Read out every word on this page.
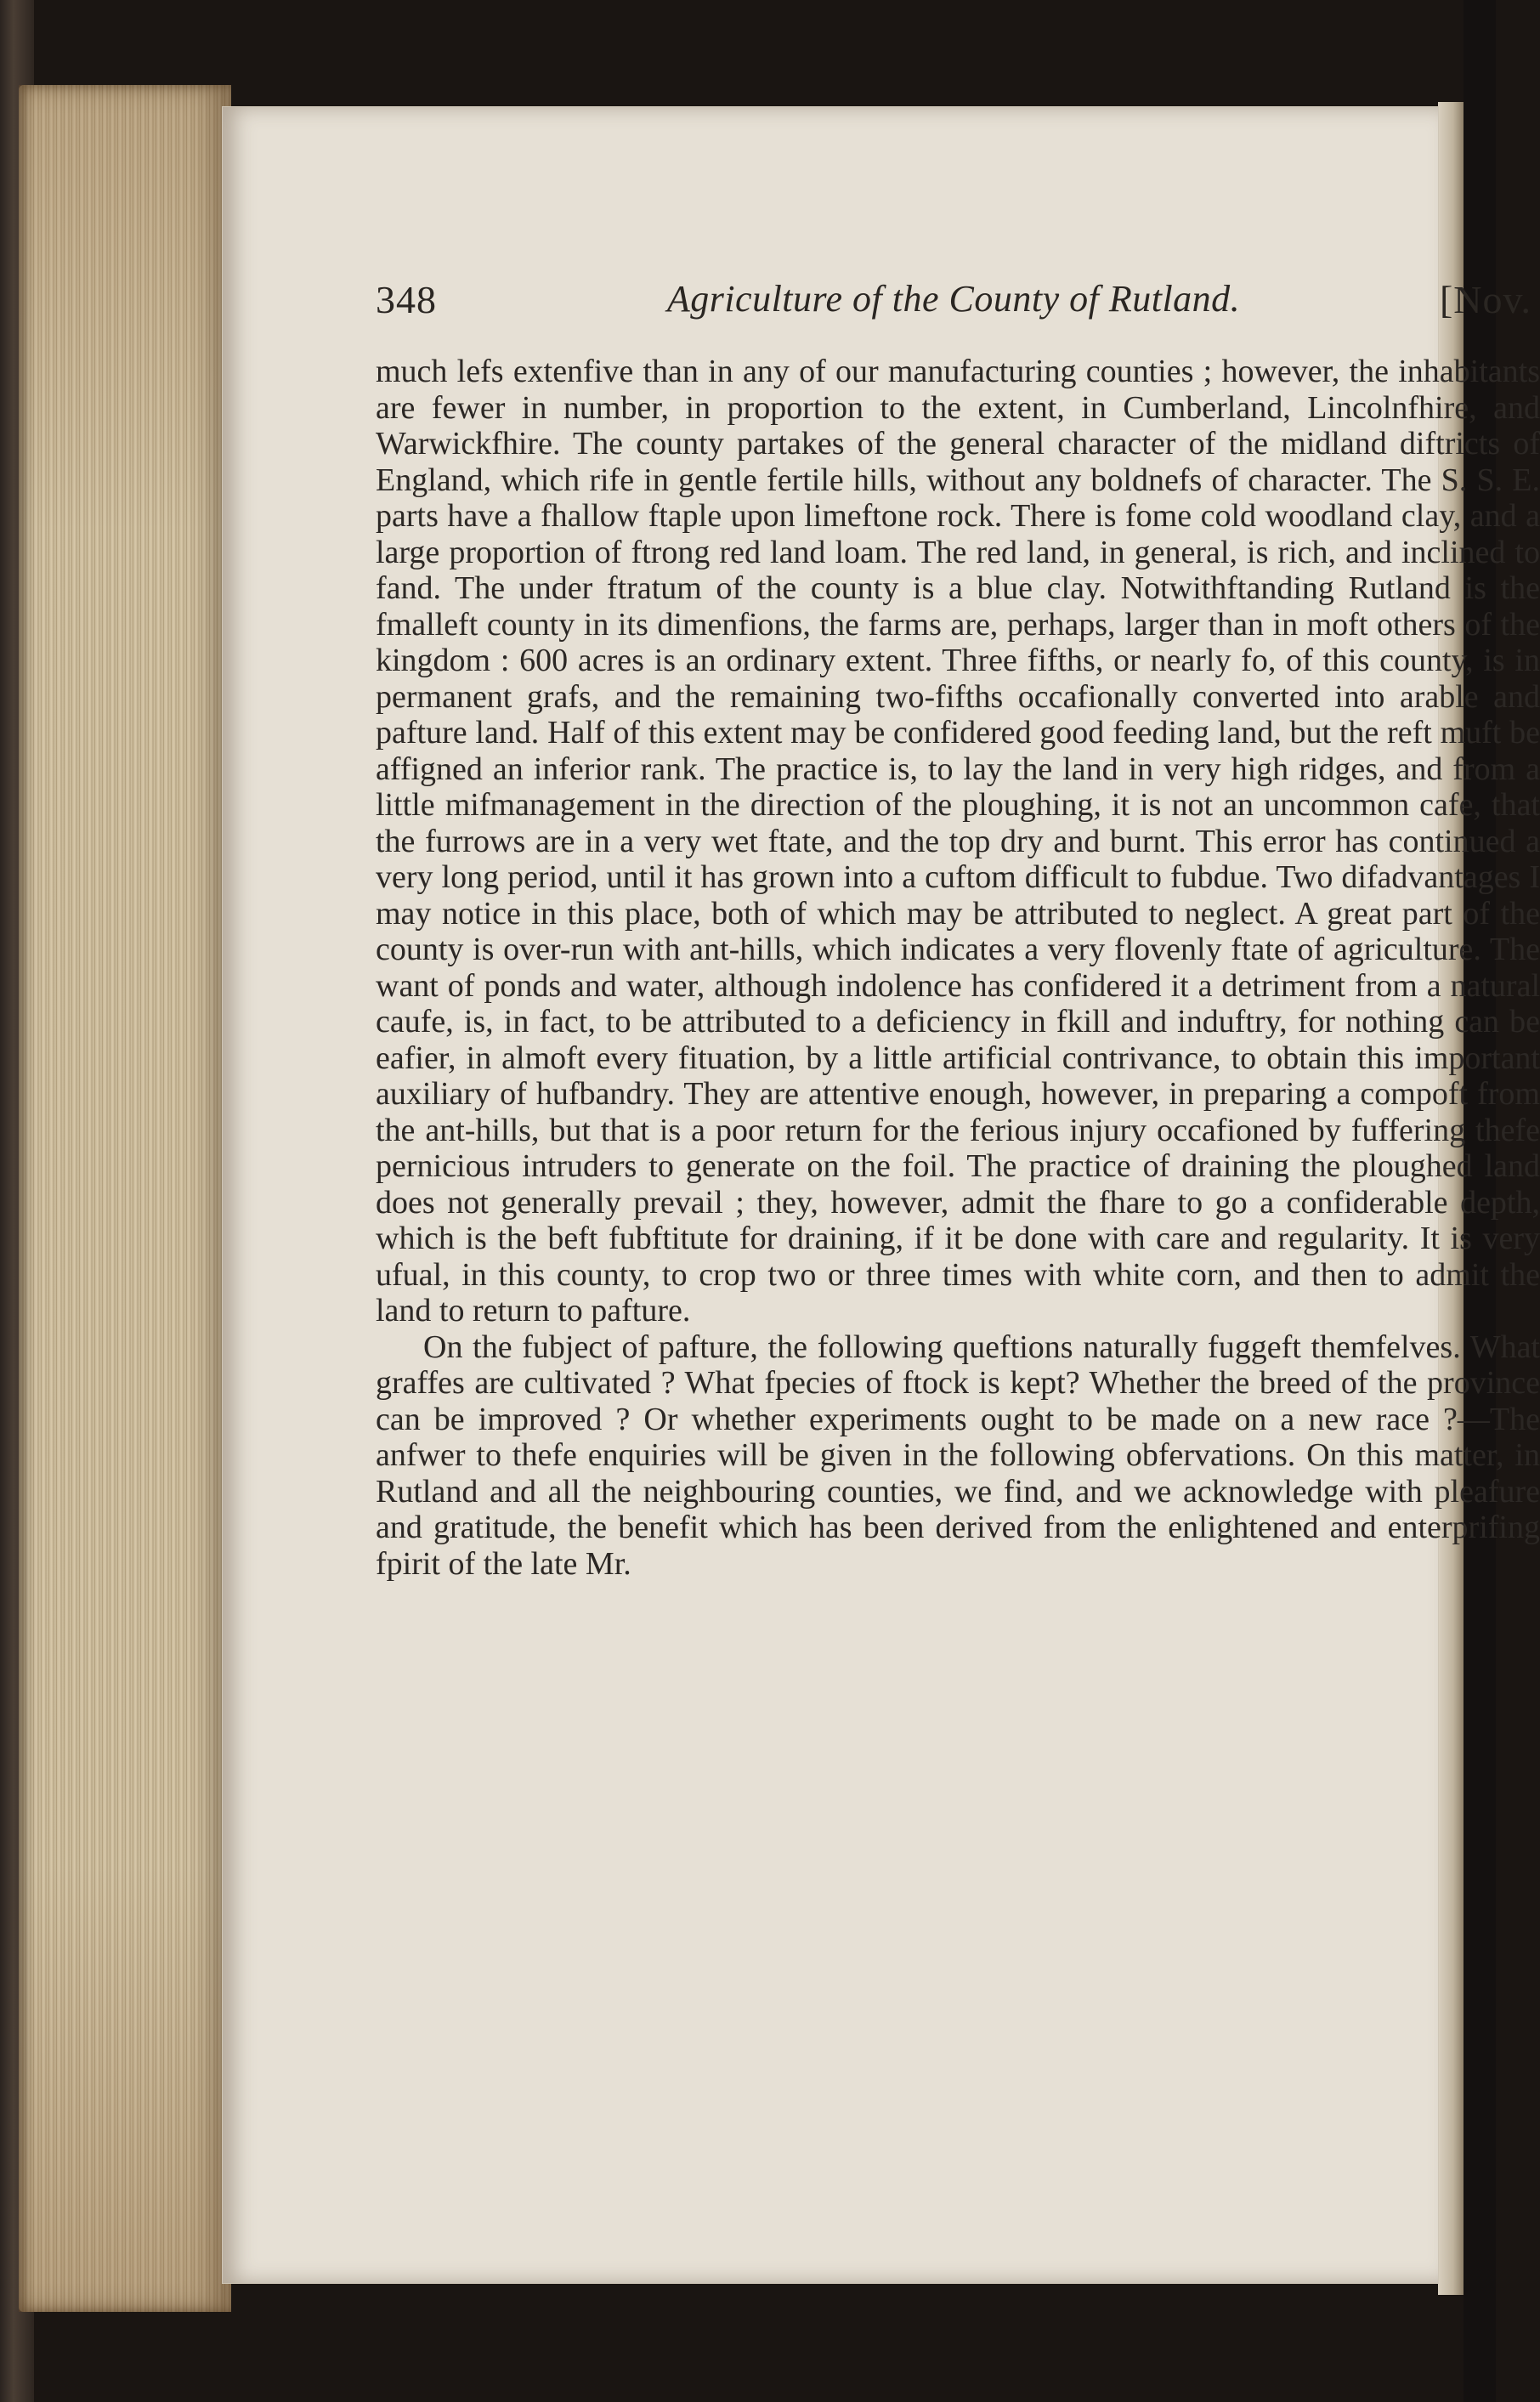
348	Agriculture of the County of Rutland.	[Nov.

much lefs extenfive than in any of our manufacturing counties ; however, the inhabitants are fewer in number, in proportion to the extent, in Cumberland, Lincolnfhire, and Warwickfhire. The county partakes of the general character of the midland diftricts of England, which rife in gentle fertile hills, without any boldnefs of character. The S. S. E. parts have a fhallow ftaple upon limeftone rock. There is fome cold woodland clay, and a large proportion of ftrong red land loam. The red land, in general, is rich, and inclined to fand. The under ftratum of the county is a blue clay. Notwithftanding Rutland is the fmalleft county in its dimenfions, the farms are, perhaps, larger than in moft others of the kingdom : 600 acres is an ordinary extent. Three fifths, or nearly fo, of this county, is in permanent grafs, and the remaining two-fifths occafionally converted into arable and pafture land. Half of this extent may be confidered good feeding land, but the reft muft be affigned an inferior rank. The practice is, to lay the land in very high ridges, and from a little mifmanagement in the direction of the ploughing, it is not an uncommon cafe, that the furrows are in a very wet ftate, and the top dry and burnt. This error has continued a very long period, until it has grown into a cuftom difficult to fubdue. Two difadvantages I may notice in this place, both of which may be attributed to neglect. A great part of the county is over-run with ant-hills, which indicates a very flovenly ftate of agriculture. The want of ponds and water, although indolence has confidered it a detriment from a natural caufe, is, in fact, to be attributed to a deficiency in fkill and induftry, for nothing can be eafier, in almoft every fituation, by a little artificial contrivance, to obtain this important auxiliary of hufbandry. They are attentive enough, however, in preparing a compoft from the ant-hills, but that is a poor return for the ferious injury occafioned by fuffering thefe pernicious intruders to generate on the foil. The practice of draining the ploughed land does not generally prevail ; they, however, admit the fhare to go a confiderable depth, which is the beft fubftitute for draining, if it be done with care and regularity. It is very ufual, in this county, to crop two or three times with white corn, and then to admit the land to return to pafture.

On the fubject of pafture, the following queftions naturally fuggeft themfelves. What graffes are cultivated ? What fpecies of ftock is kept? Whether the breed of the province can be improved ? Or whether experiments ought to be made on a new race ?—The anfwer to thefe enquiries will be given in the following obfervations. On this matter, in Rutland and all the neighbouring counties, we find, and we acknowledge with pleafure and gratitude, the benefit which has been derived from the enlightened and enterprifing fpirit of the late Mr.
